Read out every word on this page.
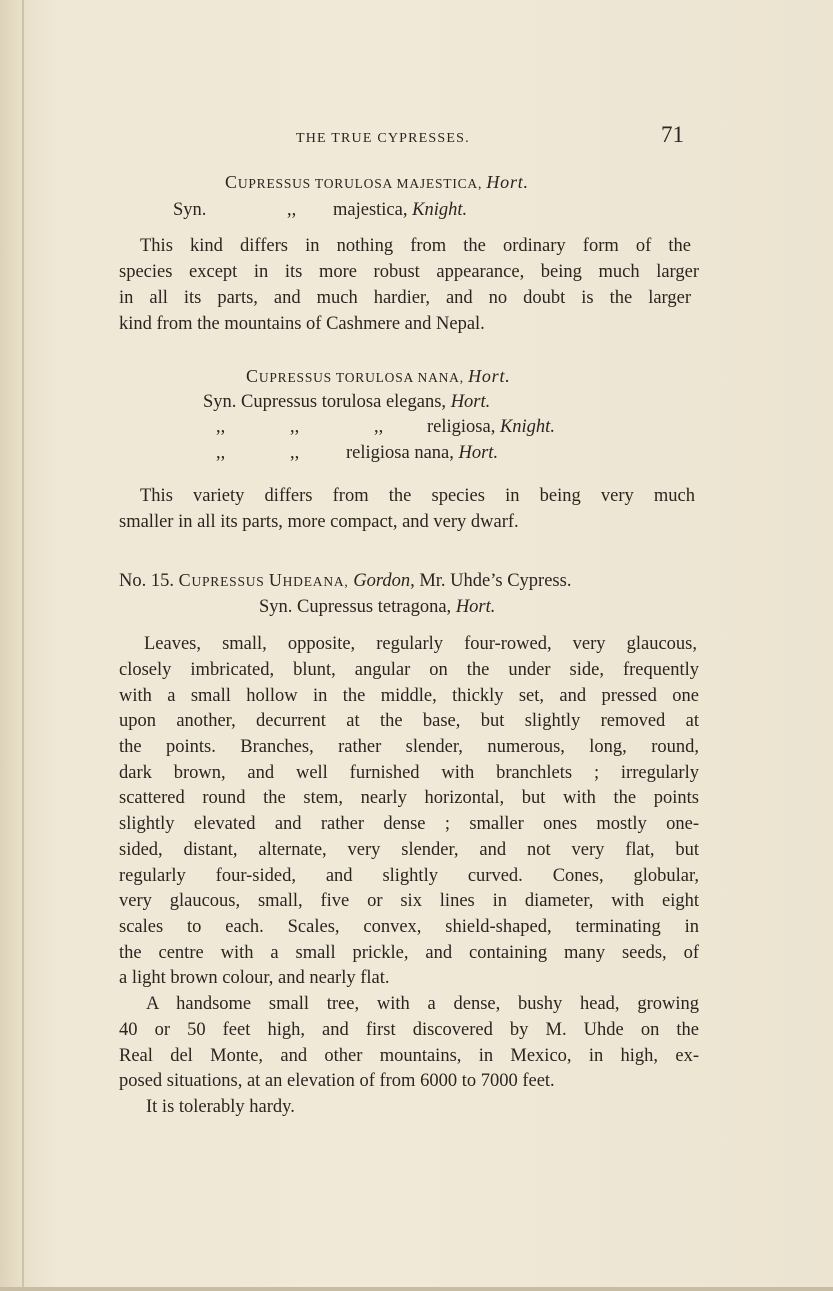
THE TRUE CYPRESSES.	71
CUPRESSUS TORULOSA MAJESTICA, Hort.
Syn.	,, majestica, Knight.
This kind differs in nothing from the ordinary form of the
species except in its more robust appearance, being much larger
in all its parts, and much hardier, and no doubt is the larger
kind from the mountains of Cashmere and Nepal.
CUPRESSUS TORULOSA NANA, Hort.
Syn. Cupressus torulosa elegans, Hort.
,,	,,	,, religiosa, Knight.
,,	,,	religiosa nana, Hort.
This variety differs from the species in being very much
smaller in all its parts, more compact, and very dwarf.
No. 15. CUPRESSUS UHDEANA, Gordon, Mr. Uhde’s Cypress.
Syn. Cupressus tetragona, Hort.
Leaves, small, opposite, regularly four-rowed, very glaucous,
closely imbricated, blunt, angular on the under side, frequently
with a small hollow in the middle, thickly set, and pressed one
upon another, decurrent at the base, but slightly removed at
the points. Branches, rather slender, numerous, long, round,
dark brown, and well furnished with branchlets ; irregularly
scattered round the stem, nearly horizontal, but with the points
slightly elevated and rather dense ; smaller ones mostly one-
sided, distant, alternate, very slender, and not very flat, but
regularly four-sided, and slightly curved. Cones, globular,
very glaucous, small, five or six lines in diameter, with eight
scales to each. Scales, convex, shield-shaped, terminating in
the centre with a small prickle, and containing many seeds, of
a light brown colour, and nearly flat.
A handsome small tree, with a dense, bushy head, growing
40 or 50 feet high, and first discovered by M. Uhde on the
Real del Monte, and other mountains, in Mexico, in high, ex-
posed situations, at an elevation of from 6000 to 7000 feet.
It is tolerably hardy.
